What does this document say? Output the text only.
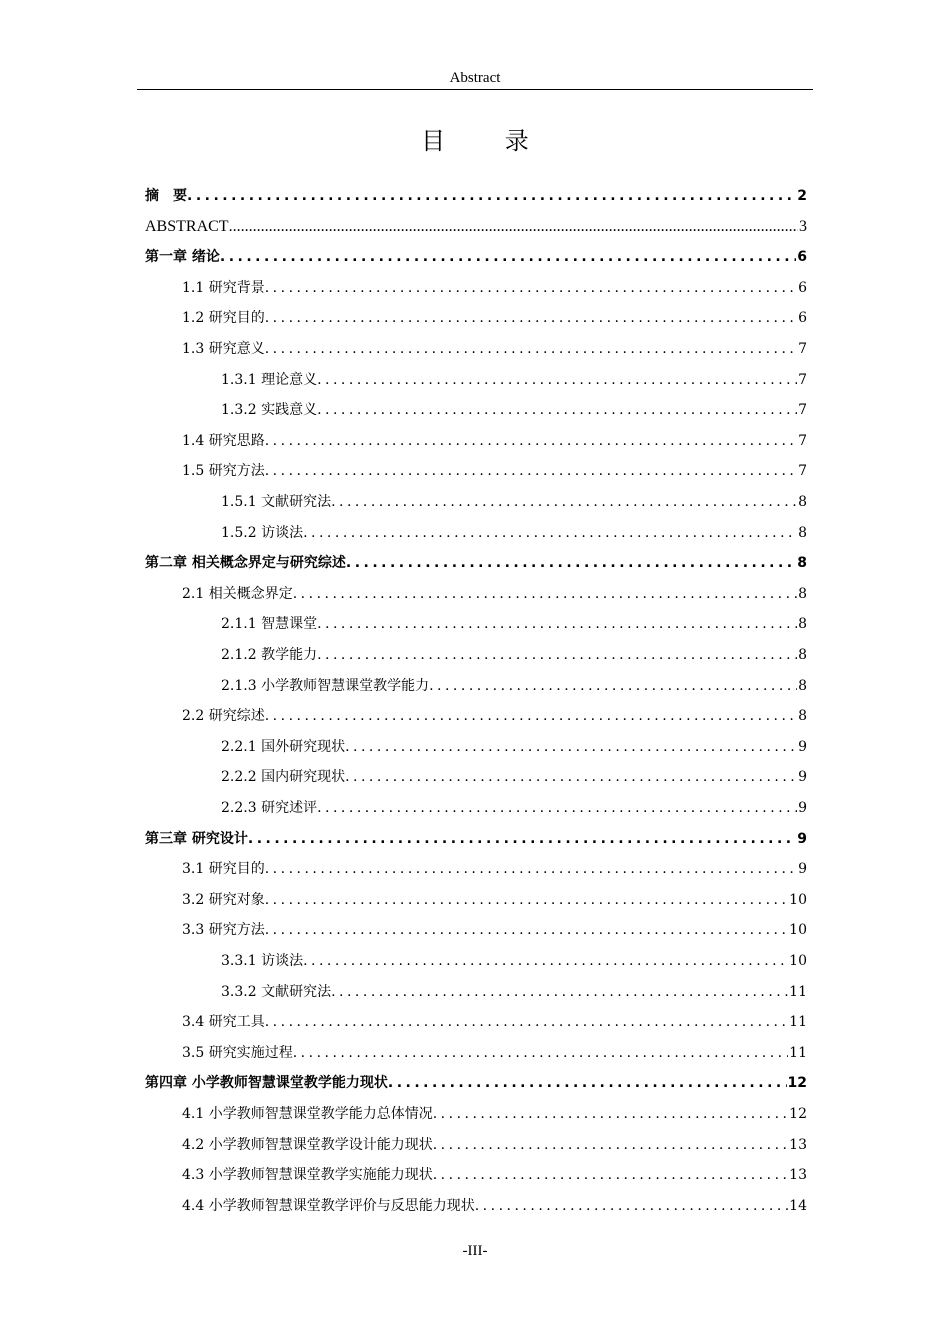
Abstract
目 录
摘　要 .....	2
ABSTRACT .....	3
第一章 绪论 .....	6
1.1 研究背景 .....	6
1.2 研究目的 .....	6
1.3 研究意义 .....	7
1.3.1 理论意义 .....	7
1.3.2 实践意义 .....	7
1.4 研究思路 .....	7
1.5 研究方法 .....	7
1.5.1 文献研究法 .....	8
1.5.2 访谈法 .....	8
第二章 相关概念界定与研究综述 .....	8
2.1 相关概念界定 .....	8
2.1.1 智慧课堂 .....	8
2.1.2 教学能力 .....	8
2.1.3 小学教师智慧课堂教学能力 .....	8
2.2 研究综述 .....	8
2.2.1 国外研究现状 .....	9
2.2.2 国内研究现状 .....	9
2.2.3 研究述评 .....	9
第三章 研究设计 .....	9
3.1 研究目的 .....	9
3.2 研究对象 .....	10
3.3 研究方法 .....	10
3.3.1 访谈法 .....	10
3.3.2 文献研究法 .....	11
3.4 研究工具 .....	11
3.5 研究实施过程 .....	11
第四章 小学教师智慧课堂教学能力现状 .....	12
4.1 小学教师智慧课堂教学能力总体情况 .....	12
4.2 小学教师智慧课堂教学设计能力现状 .....	13
4.3 小学教师智慧课堂教学实施能力现状 .....	13
4.4 小学教师智慧课堂教学评价与反思能力现状 .....	14
-III-
